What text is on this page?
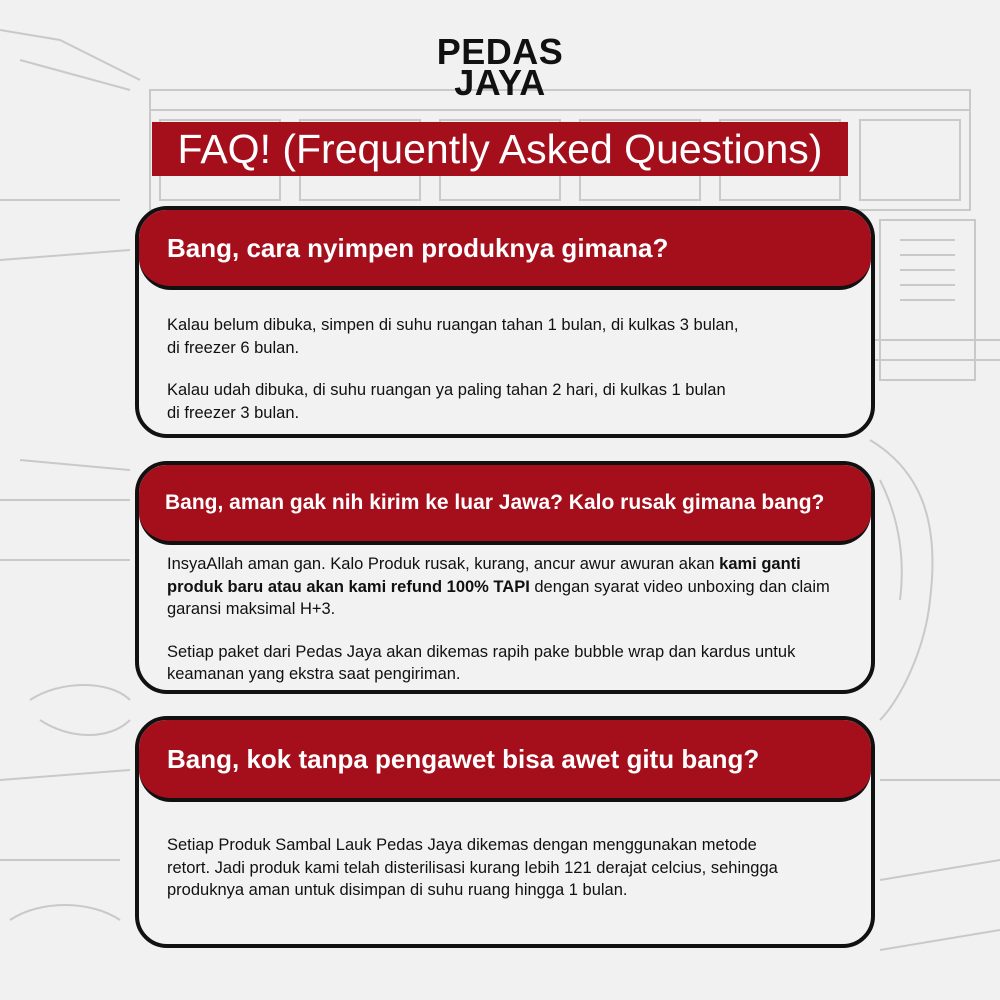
PEDAS
JAYA
FAQ! (Frequently Asked Questions)
Bang, cara nyimpen produknya gimana?

Kalau belum dibuka, simpen di suhu ruangan tahan 1 bulan, di kulkas 3 bulan,
di freezer 6 bulan.

Kalau udah dibuka, di suhu ruangan ya paling tahan 2 hari, di kulkas 1 bulan
di freezer 3 bulan.

Bang, aman gak nih kirim ke luar Jawa? Kalo rusak gimana bang?

InsyaAllah aman gan. Kalo Produk rusak, kurang, ancur awur awuran akan kami ganti produk baru atau akan kami refund 100% TAPI dengan syarat video unboxing dan claim garansi maksimal H+3.

Setiap paket dari Pedas Jaya akan dikemas rapih pake bubble wrap dan kardus untuk keamanan yang ekstra saat pengiriman.

Bang, kok tanpa pengawet bisa awet gitu bang?

Setiap Produk Sambal Lauk Pedas Jaya dikemas dengan menggunakan metode
retort. Jadi produk kami telah disterilisasi kurang lebih 121 derajat celcius, sehingga
produknya aman untuk disimpan di suhu ruang hingga 1 bulan.
